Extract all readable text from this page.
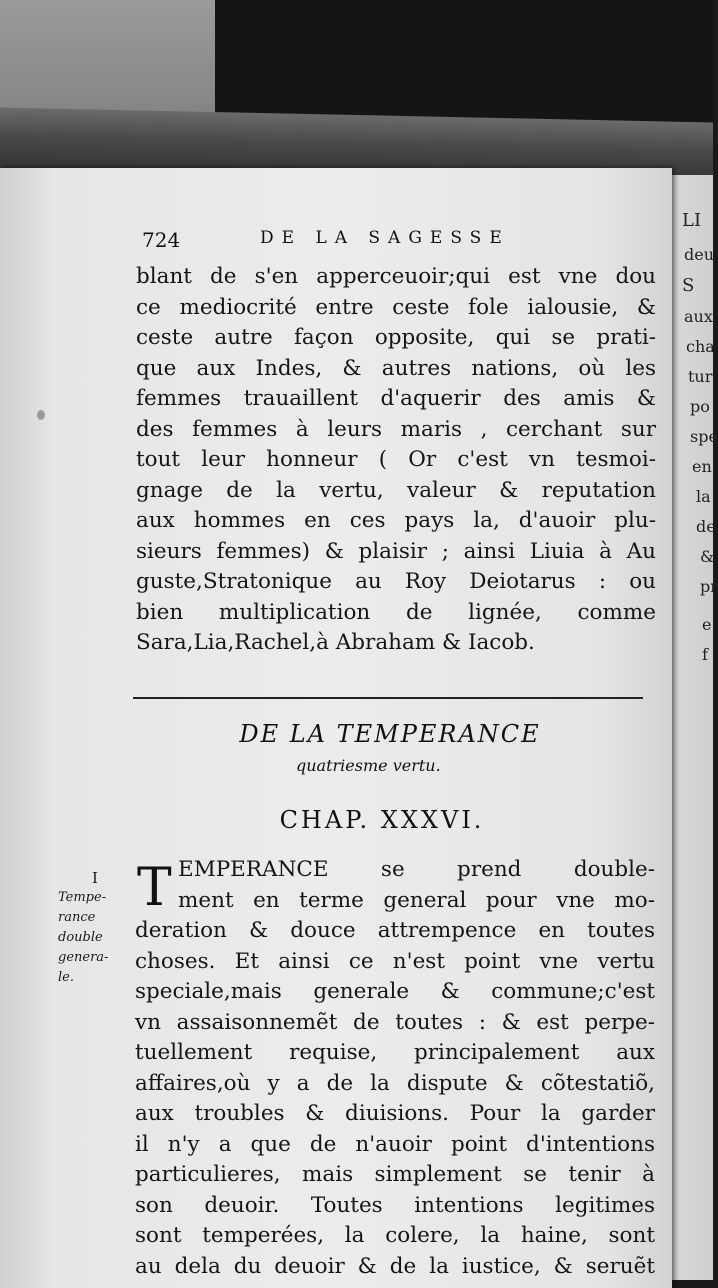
LI
deu
S
aux
cha
tur
po
spe
en
la
de
&
pr
e
f
724	DE LA SAGESSE
blant de s'en apperceuoir;qui est vne dou
ce mediocrité entre ceste fole ialousie, &
ceste autre façon opposite, qui se prati-
que aux Indes, & autres nations, où les
femmes trauaillent d'aquerir des amis &
des femmes à leurs maris , cerchant sur
tout leur honneur ( Or c'est vn tesmoi-
gnage de la vertu, valeur & reputation
aux hommes en ces pays la, d'auoir plu-
sieurs femmes) & plaisir ; ainsi Liuia à Au
guste,Stratonique au Roy Deiotarus : ou
bien multiplication de lignée, comme
Sara,Lia,Rachel,à Abraham & Iacob.
DE LA TEMPERANCE
quatriesme vertu.
CHAP. XXXVI.
I
Tempe-
rance
double
genera-
le.
T EMPERANCE se prend double-
ment en terme general pour vne mo-
deration & douce attrempence en toutes
choses. Et ainsi ce n'est point vne vertu
speciale,mais generale & commune;c'est
vn assaisonnemẽt de toutes : & est perpe-
tuellement requise, principalement aux
affaires,où y a de la dispute & cõtestatiõ,
aux troubles & diuisions. Pour la garder
il n'y a que de n'auoir point d'intentions
particulieres, mais simplement se tenir à
son deuoir. Toutes intentions legitimes
sont temperées, la colere, la haine, sont
au dela du deuoir & de la iustice, & seruẽt
